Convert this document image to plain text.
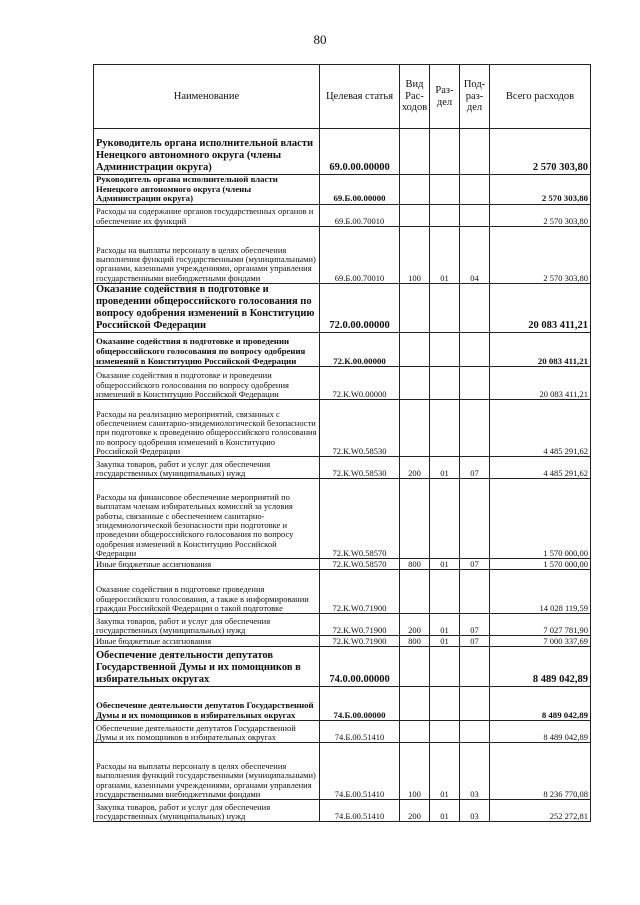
80
Наименование	Целевая статья	Вид Рас-ходов	Раз-дел	Под-раз-дел	Всего расходов
Руководитель органа исполнительной власти Ненецкого автономного округа (члены Администрации округа)	69.0.00.00000				2 570 303,80
Руководитель органа исполнительной власти Ненецкого автономного округа (члены Администрации округа)	69.Б.00.00000				2 570 303,80
Расходы на содержание органов государственных органов и обеспечение их функций	69.Б.00.70010				2 570 303,80
Расходы на выплаты персоналу в целях обеспечения выполнения функций государственными (муниципальными) органами, казенными учреждениями, органами управления государственными внебюджетными фондами	69.Б.00.70010	100	01	04	2 570 303,80
Оказание содействия в подготовке и проведении общероссийского голосования по вопросу одобрения изменений в Конституцию Российской Федерации	72.0.00.00000				20 083 411,21
Оказание содействия в подготовке и проведении общероссийского голосования по вопросу одобрения изменений в Конституцию Российской Федерации	72.К.00.00000				20 083 411,21
Оказание содействия в подготовке и проведении общероссийского голосования по вопросу одобрения изменений в Конституцию Российской Федерации	72.К.W0.00000				20 083 411,21
Расходы на реализацию мероприятий, связанных с обеспечением санитарно-эпидемиологической безопасности при подготовке к проведению общероссийского голосования по вопросу одобрения изменений в Конституцию Российской Федерации	72.К.W0.58530				4 485 291,62
Закупка товаров, работ и услуг для обеспечения государственных (муниципальных) нужд	72.К.W0.58530	200	01	07	4 485 291,62
Расходы на финансовое обеспечение мероприятий по выплатам членам избирательных комиссий за условия работы, связанные с обеспечением санитарно-эпидемиологической безопасности при подготовке и проведении общероссийского голосования по вопросу одобрения изменений в Конституцию Российской Федерации	72.К.W0.58570				1 570 000,00
Иные бюджетные ассигнования	72.К.W0.58570	800	01	07	1 570 000,00
Оказание содействия в подготовке проведения общероссийского голосования, а также в информировании граждан Российской Федерации о такой подготовке	72.К.W0.71900				14 028 119,59
Закупка товаров, работ и услуг для обеспечения государственных (муниципальных) нужд	72.К.W0.71900	200	01	07	7 027 781,90
Иные бюджетные ассигнования	72.К.W0.71900	800	01	07	7 000 337,69
Обеспечение деятельности депутатов Государственной Думы и их помощников в избирательных округах	74.0.00.00000				8 489 042,89
Обеспечение деятельности депутатов Государственной Думы и их помощников в избирательных округах	74.Б.00.00000				8 489 042,89
Обеспечение деятельности депутатов Государственной Думы и их помощников в избирательных округах	74.Б.00.51410				8 489 042,89
Расходы на выплаты персоналу в целях обеспечения выполнения функций государственными (муниципальными) органами, казенными учреждениями, органами управления государственными внебюджетными фондами	74.Б.00.51410	100	01	03	8 236 770,08
Закупка товаров, работ и услуг для обеспечения государственных (муниципальных) нужд	74.Б.00.51410	200	01	03	252 272,81
